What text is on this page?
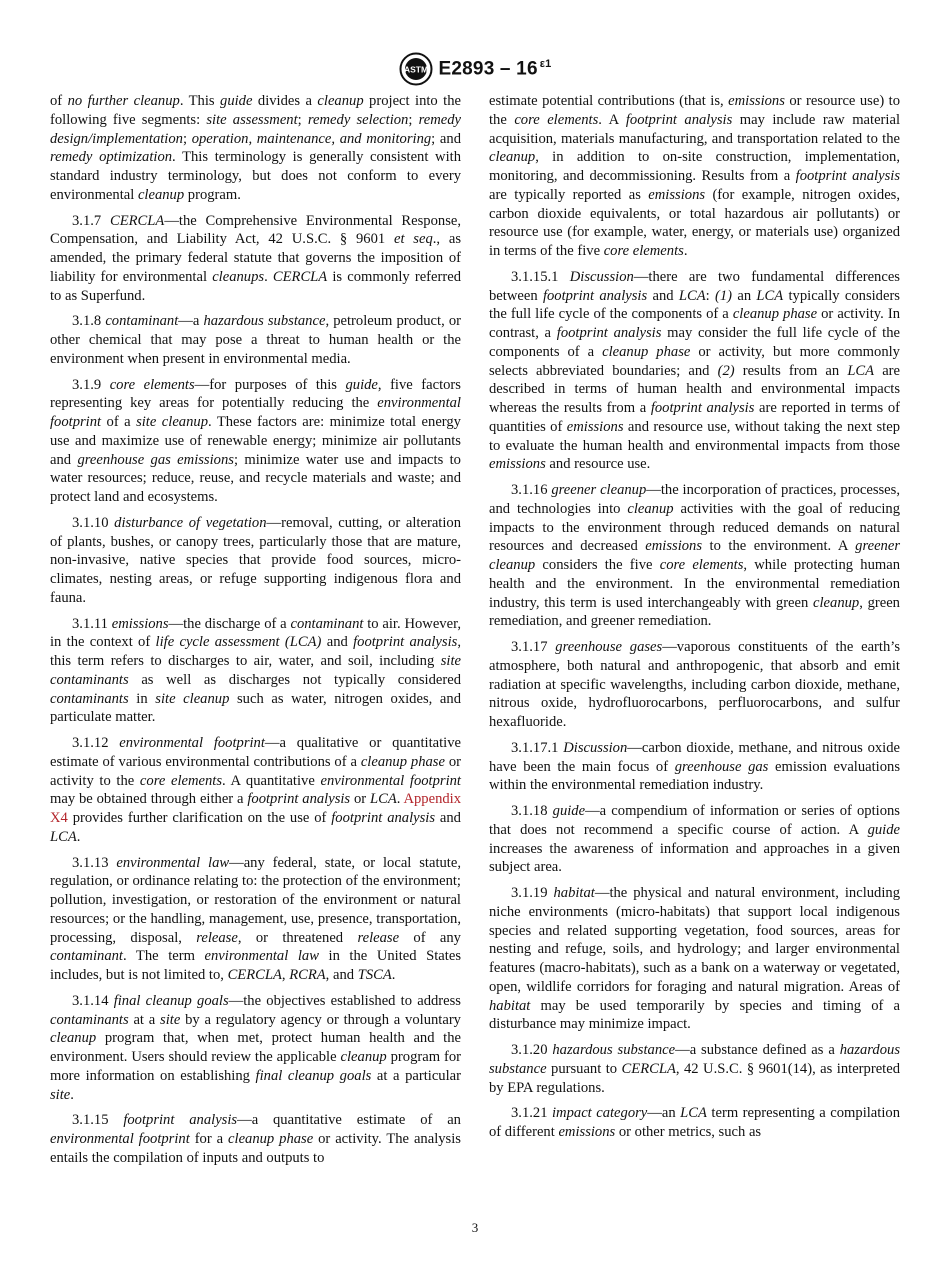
ASTM E2893 – 16 $^{\varepsilon 1}$

of no further cleanup. This guide divides a cleanup project into the following five segments: site assessment; remedy selection; remedy design/implementation; operation, maintenance, and monitoring; and remedy optimization. This terminology is generally consistent with standard industry terminology, but does not conform to every environmental cleanup program.

3.1.7 CERCLA—the Comprehensive Environmental Response, Compensation, and Liability Act, 42 U.S.C. § 9601 et seq., as amended, the primary federal statute that governs the imposition of liability for environmental cleanups. CERCLA is commonly referred to as Superfund.

3.1.8 contaminant—a hazardous substance, petroleum product, or other chemical that may pose a threat to human health or the environment when present in environmental media.

3.1.9 core elements—for purposes of this guide, five factors representing key areas for potentially reducing the environmental footprint of a site cleanup. These factors are: minimize total energy use and maximize use of renewable energy; minimize air pollutants and greenhouse gas emissions; minimize water use and impacts to water resources; reduce, reuse, and recycle materials and waste; and protect land and ecosystems.

3.1.10 disturbance of vegetation—removal, cutting, or alteration of plants, bushes, or canopy trees, particularly those that are mature, non-invasive, native species that provide food sources, micro-climates, nesting areas, or refuge supporting indigenous flora and fauna.

3.1.11 emissions—the discharge of a contaminant to air. However, in the context of life cycle assessment (LCA) and footprint analysis, this term refers to discharges to air, water, and soil, including site contaminants as well as discharges not typically considered contaminants in site cleanup such as water, nitrogen oxides, and particulate matter.

3.1.12 environmental footprint—a qualitative or quantitative estimate of various environmental contributions of a cleanup phase or activity to the core elements. A quantitative environmental footprint may be obtained through either a footprint analysis or LCA. Appendix X4 provides further clarification on the use of footprint analysis and LCA.

3.1.13 environmental law—any federal, state, or local statute, regulation, or ordinance relating to: the protection of the environment; pollution, investigation, or restoration of the environment or natural resources; or the handling, management, use, presence, transportation, processing, disposal, release, or threatened release of any contaminant. The term environmental law in the United States includes, but is not limited to, CERCLA, RCRA, and TSCA.

3.1.14 final cleanup goals—the objectives established to address contaminants at a site by a regulatory agency or through a voluntary cleanup program that, when met, protect human health and the environment. Users should review the applicable cleanup program for more information on establishing final cleanup goals at a particular site.

3.1.15 footprint analysis—a quantitative estimate of an environmental footprint for a cleanup phase or activity. The analysis entails the compilation of inputs and outputs to

estimate potential contributions (that is, emissions or resource use) to the core elements. A footprint analysis may include raw material acquisition, materials manufacturing, and transportation related to the cleanup, in addition to on-site construction, implementation, monitoring, and decommissioning. Results from a footprint analysis are typically reported as emissions (for example, nitrogen oxides, carbon dioxide equivalents, or total hazardous air pollutants) or resource use (for example, water, energy, or materials use) organized in terms of the five core elements.

3.1.15.1 Discussion—there are two fundamental differences between footprint analysis and LCA: (1) an LCA typically considers the full life cycle of the components of a cleanup phase or activity. In contrast, a footprint analysis may consider the full life cycle of the components of a cleanup phase or activity, but more commonly selects abbreviated boundaries; and (2) results from an LCA are described in terms of human health and environmental impacts whereas the results from a footprint analysis are reported in terms of quantities of emissions and resource use, without taking the next step to evaluate the human health and environmental impacts from those emissions and resource use.

3.1.16 greener cleanup—the incorporation of practices, processes, and technologies into cleanup activities with the goal of reducing impacts to the environment through reduced demands on natural resources and decreased emissions to the environment. A greener cleanup considers the five core elements, while protecting human health and the environment. In the environmental remediation industry, this term is used interchangeably with green cleanup, green remediation, and greener remediation.

3.1.17 greenhouse gases—vaporous constituents of the earth’s atmosphere, both natural and anthropogenic, that absorb and emit radiation at specific wavelengths, including carbon dioxide, methane, nitrous oxide, hydrofluorocarbons, perfluorocarbons, and sulfur hexafluoride.

3.1.17.1 Discussion—carbon dioxide, methane, and nitrous oxide have been the main focus of greenhouse gas emission evaluations within the environmental remediation industry.

3.1.18 guide—a compendium of information or series of options that does not recommend a specific course of action. A guide increases the awareness of information and approaches in a given subject area.

3.1.19 habitat—the physical and natural environment, including niche environments (micro-habitats) that support local indigenous species and related supporting vegetation, food sources, areas for nesting and refuge, soils, and hydrology; and larger environmental features (macro-habitats), such as a bank on a waterway or vegetated, open, wildlife corridors for foraging and natural migration. Areas of habitat may be used temporarily by species and timing of a disturbance may minimize impact.

3.1.20 hazardous substance—a substance defined as a hazardous substance pursuant to CERCLA, 42 U.S.C. § 9601(14), as interpreted by EPA regulations.

3.1.21 impact category—an LCA term representing a compilation of different emissions or other metrics, such as

3
